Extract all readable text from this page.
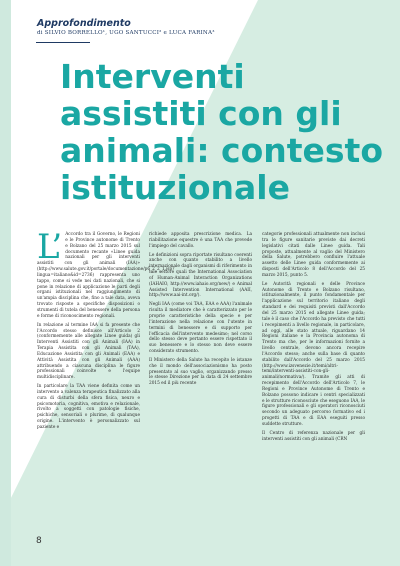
Approfondimento
di SILVIO BORRELLO¹, UGO SANTUCCI² e LUCA FARINA³
Interventi
assistiti con gli
animali: contesto
istituzionale

L’ Accordo tra il Governo, le Regioni e le Province autonome di Trento e Bolzano del 25 marzo 2015 sul documento recante «Linee guida nazionali per gli interventi assistiti con gli animali (IAA)» (http://www.salute.gov.it/portale/documentazione/p6_2_2_1.jsp?lingua=italiano&id=2736) rappresenta uno tappo, come si vede nei dati nazionali, che si pone in relazione di applicazione le parti degli organi istituzionali nel raggiungimento di un'ampia disciplina che, fino a tale data, aveva trovato risposte a specifiche disposizioni o strumenti di tutela del benessere della persona e forme di riconoscimento regionali.

In relazione al termine IAA si fa presente che l'Accordo stesso definisce all'Articolo 2 (conformemente alle allegate Linee guida) gli Interventi Assistiti con gli Animali (IAA) in Terapia Assistita con gli Animali (TAA), Educazione Assistita con gli Animali (EAA) e Attività Assistita con gli Animali (AAA) attribuendo a ciascuna disciplina le figure professionali coinvolte e l'equipe multidisciplinare.

In particolare la TAA viene definita come un intervento a valenza terapeutica finalizzato alla cura di disturbi della sfera fisica, neuro e psicomotoria, cognitiva, emotiva e relazionale, rivolto a soggetti con patologie fisiche, psichiche, sensoriali o plurime, di qualunque origine. L'intervento è personalizzato sul paziente e

richiede apposita prescrizione medica. La riabilitazione equestre è una TAA che prevede l'impiego del cavallo.

Le definizioni sopra riportate risultano coerenti anche con quanto stabilito a livello internazionale dagli organismi di riferimento in tale settore quali the International Association of Human-Animal Interaction Organizations (IAHAIO, http://www.iahaio.org/new/) e Animal Assisted Intervention International (AAII, http://www.aai-int.org/).

Negli IAA (come voi TAA, EAA e AAA) l'animale risulta il mediatore che è caratterizzato per le proprie caratteristiche della specie e per l'interazione nella relazione con l'utente in termini di benessere e di supporto per l'efficacia dell'intervento medesimo; nel corso dello stesso deve pertanto essere rispettato il suo benessere e lo stesso non deve essere considerato strumento.

Il Ministero della Salute ha recepito le istanze che il mondo dell'associazionismo ha posto presentato al suo vaglio, organizzando presso le stesse Direzione per la data di 24 settembre 2015 ed il più recente

categorie professionali attualmente non inclusi tra le figure sanitarie previste dai decreti legislativi citati dalle Linee guida. Tali proposte, attualmente al vaglio del Ministero della Salute, potrebbero confluire l'attuale assetto delle Linee guida conformemente ai disposti dell'Articolo 8 dell'Accordo del 25 marzo 2015, punto 5.

Le Autorità regionali e delle Province Autonome di Trento e Bolzano risultano, istituzionalmente, il punto fondamentale per l'applicazione sul territorio italiano degli standard e dei requisiti previsti dall'Accordo del 25 marzo 2015 ed allegate Linee guida; tale è il caso che l'Accordo ha previsto che tutti i recepimenti a livello regionale, in particolare, ad oggi, alle stato attuale, riguardano 14 Regioni italiane e la Provincia autonoma di Trento ma che, per le informazioni fornite a livello centrale, devono ancora recepire l'Accordo stesso; anche sulla base di quanto stabilito dall'Accordo del 25 marzo 2015 (http://www.izsvenezie.it/temi/altri-temi/interventi-assistiti-con-gli-animali/normativa/). Tramite gli atti di recepimento dell'Accordo dell'Articolo 7, le Regioni e Province Autonome di Trento e Bolzano possono indicare i centri specializzati e le strutture riconosciute che eseguono IAA, le figure professionali e gli operatori riconosciuti secondo un adeguato percorso formativo ed i progetti di TAA e di EAA eseguiti presso suddette strutture.

Il Centro di referenza nazionale per gli interventi assistiti con gli animali (CRN

8
